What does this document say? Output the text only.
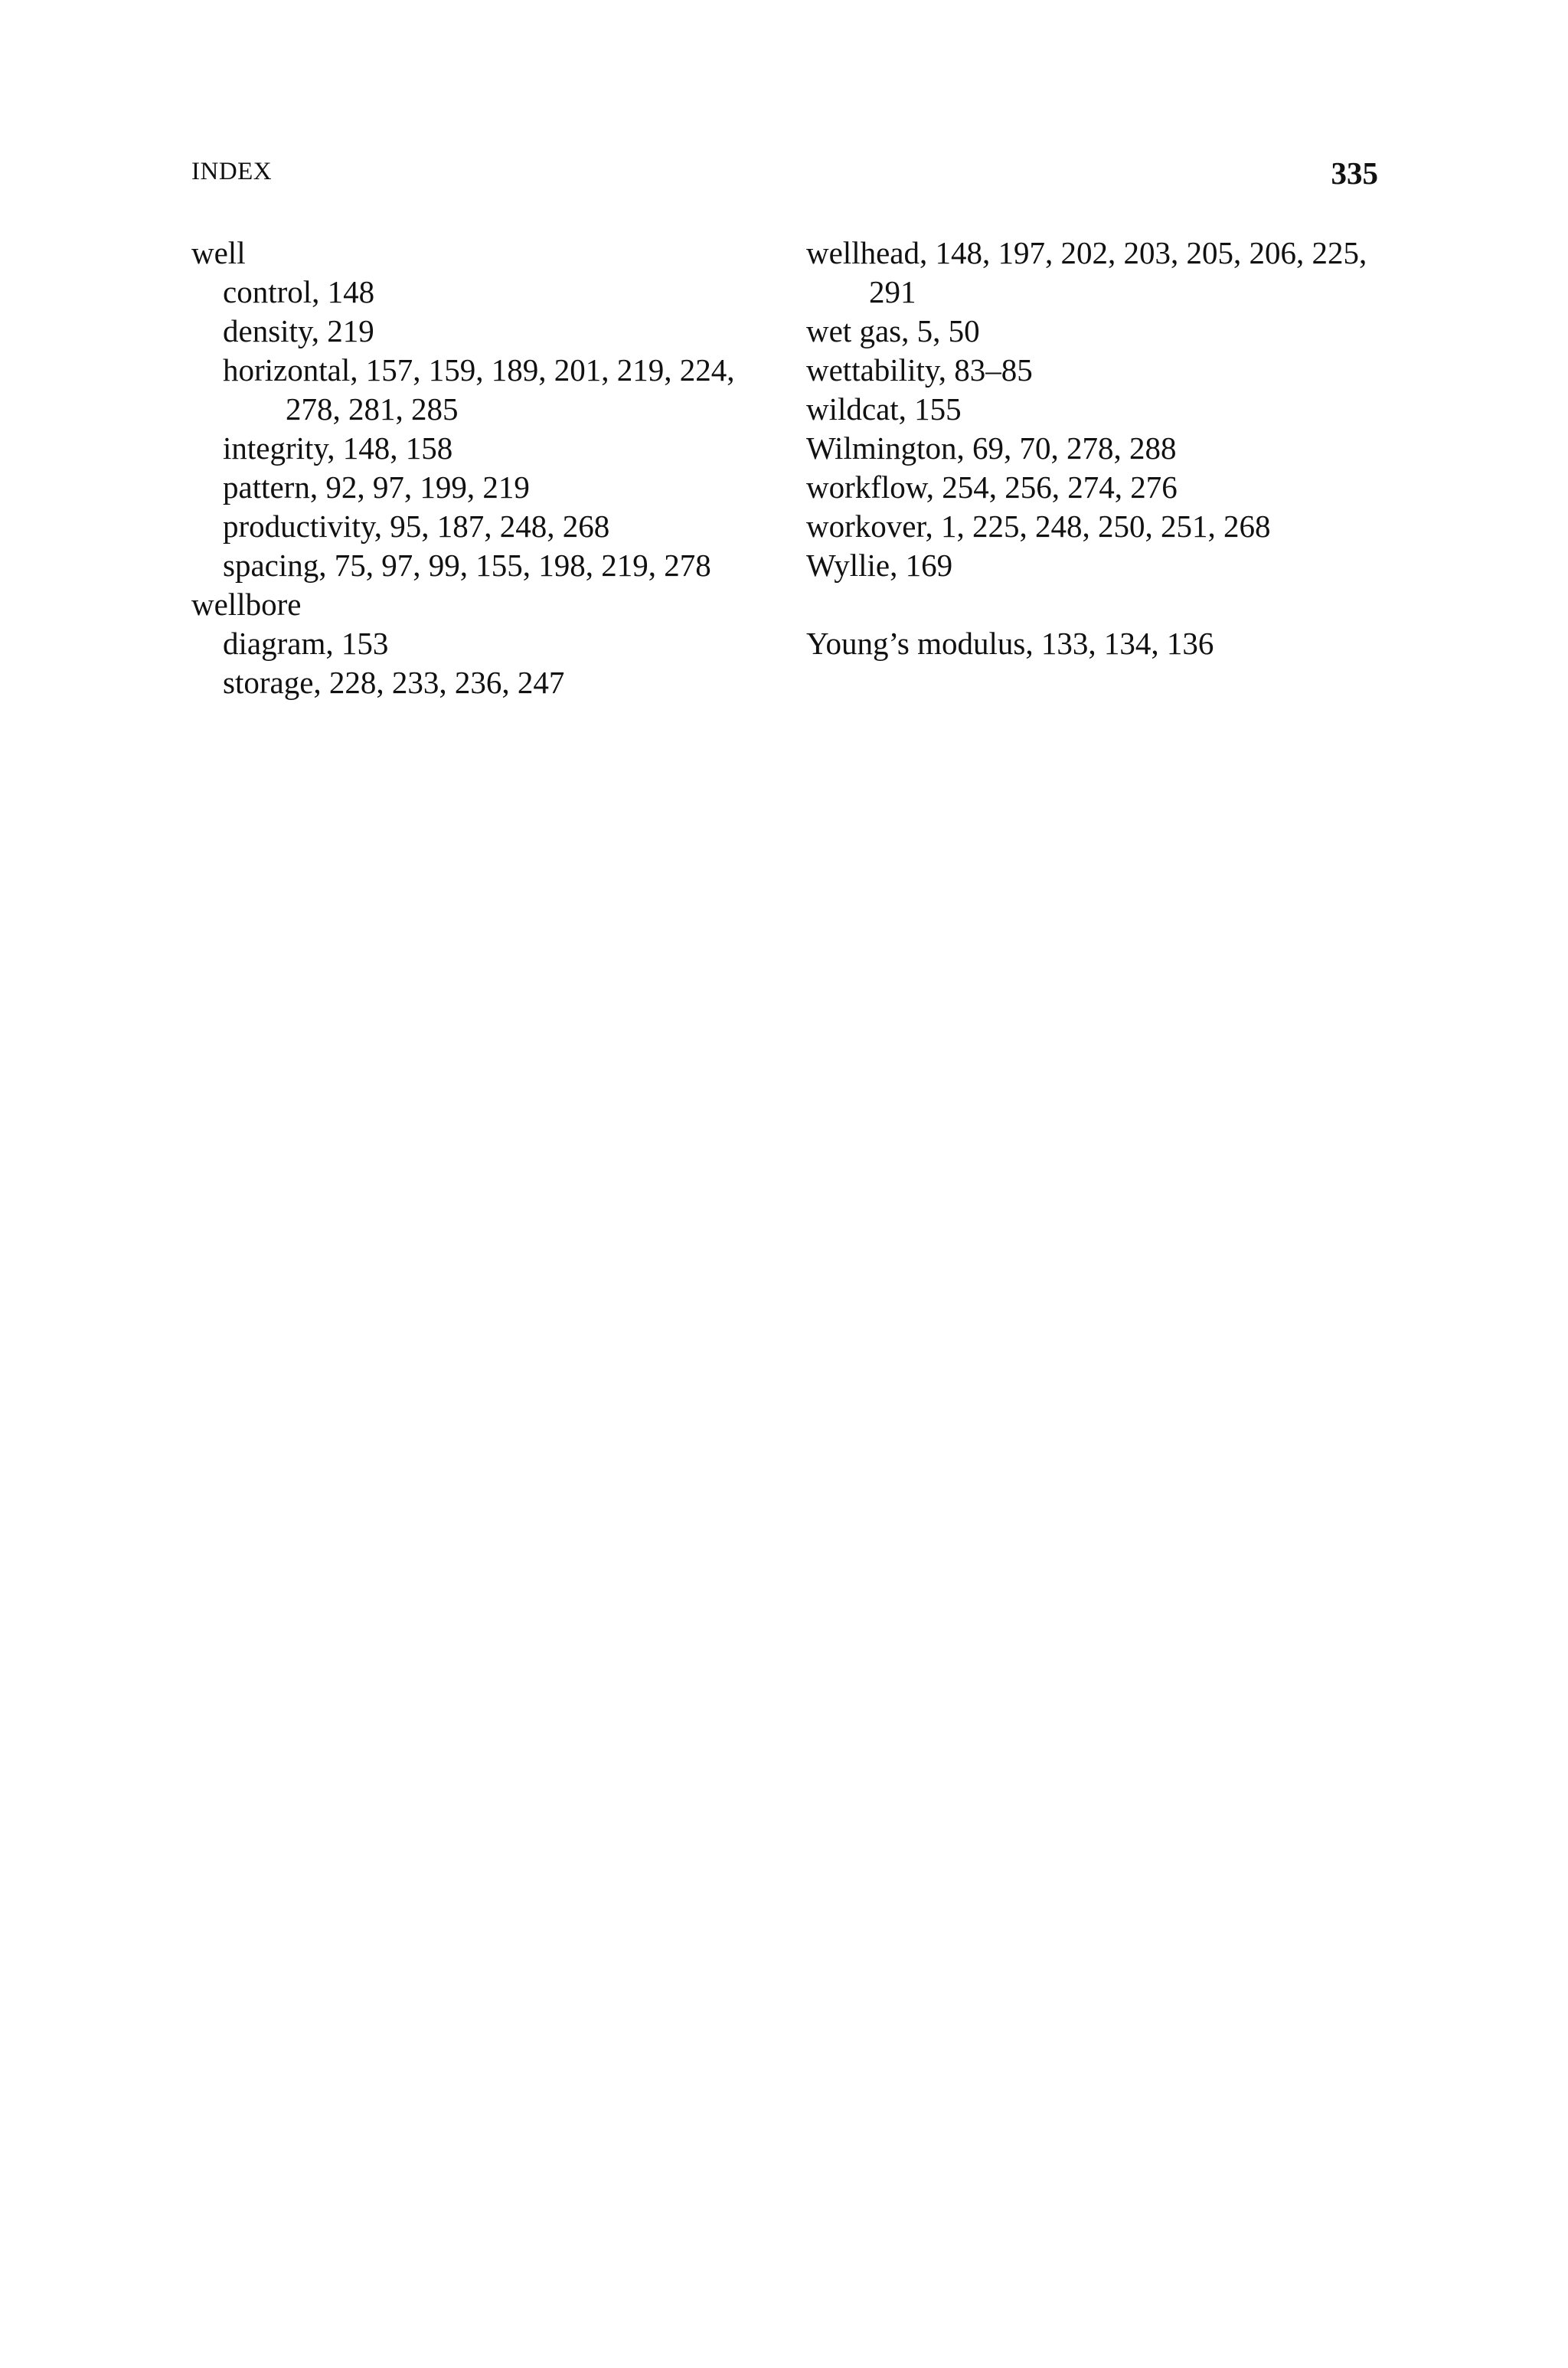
INDEX	335

well

control, 148

density, 219

horizontal, 157, 159, 189, 201, 219, 224, 278, 281, 285

integrity, 148, 158

pattern, 92, 97, 199, 219

productivity, 95, 187, 248, 268

spacing, 75, 97, 99, 155, 198, 219, 278

wellbore

diagram, 153

storage, 228, 233, 236, 247

wellhead, 148, 197, 202, 203, 205, 206, 225, 291

wet gas, 5, 50

wettability, 83–85

wildcat, 155

Wilmington, 69, 70, 278, 288

workflow, 254, 256, 274, 276

workover, 1, 225, 248, 250, 251, 268

Wyllie, 169

Young’s modulus, 133, 134, 136
